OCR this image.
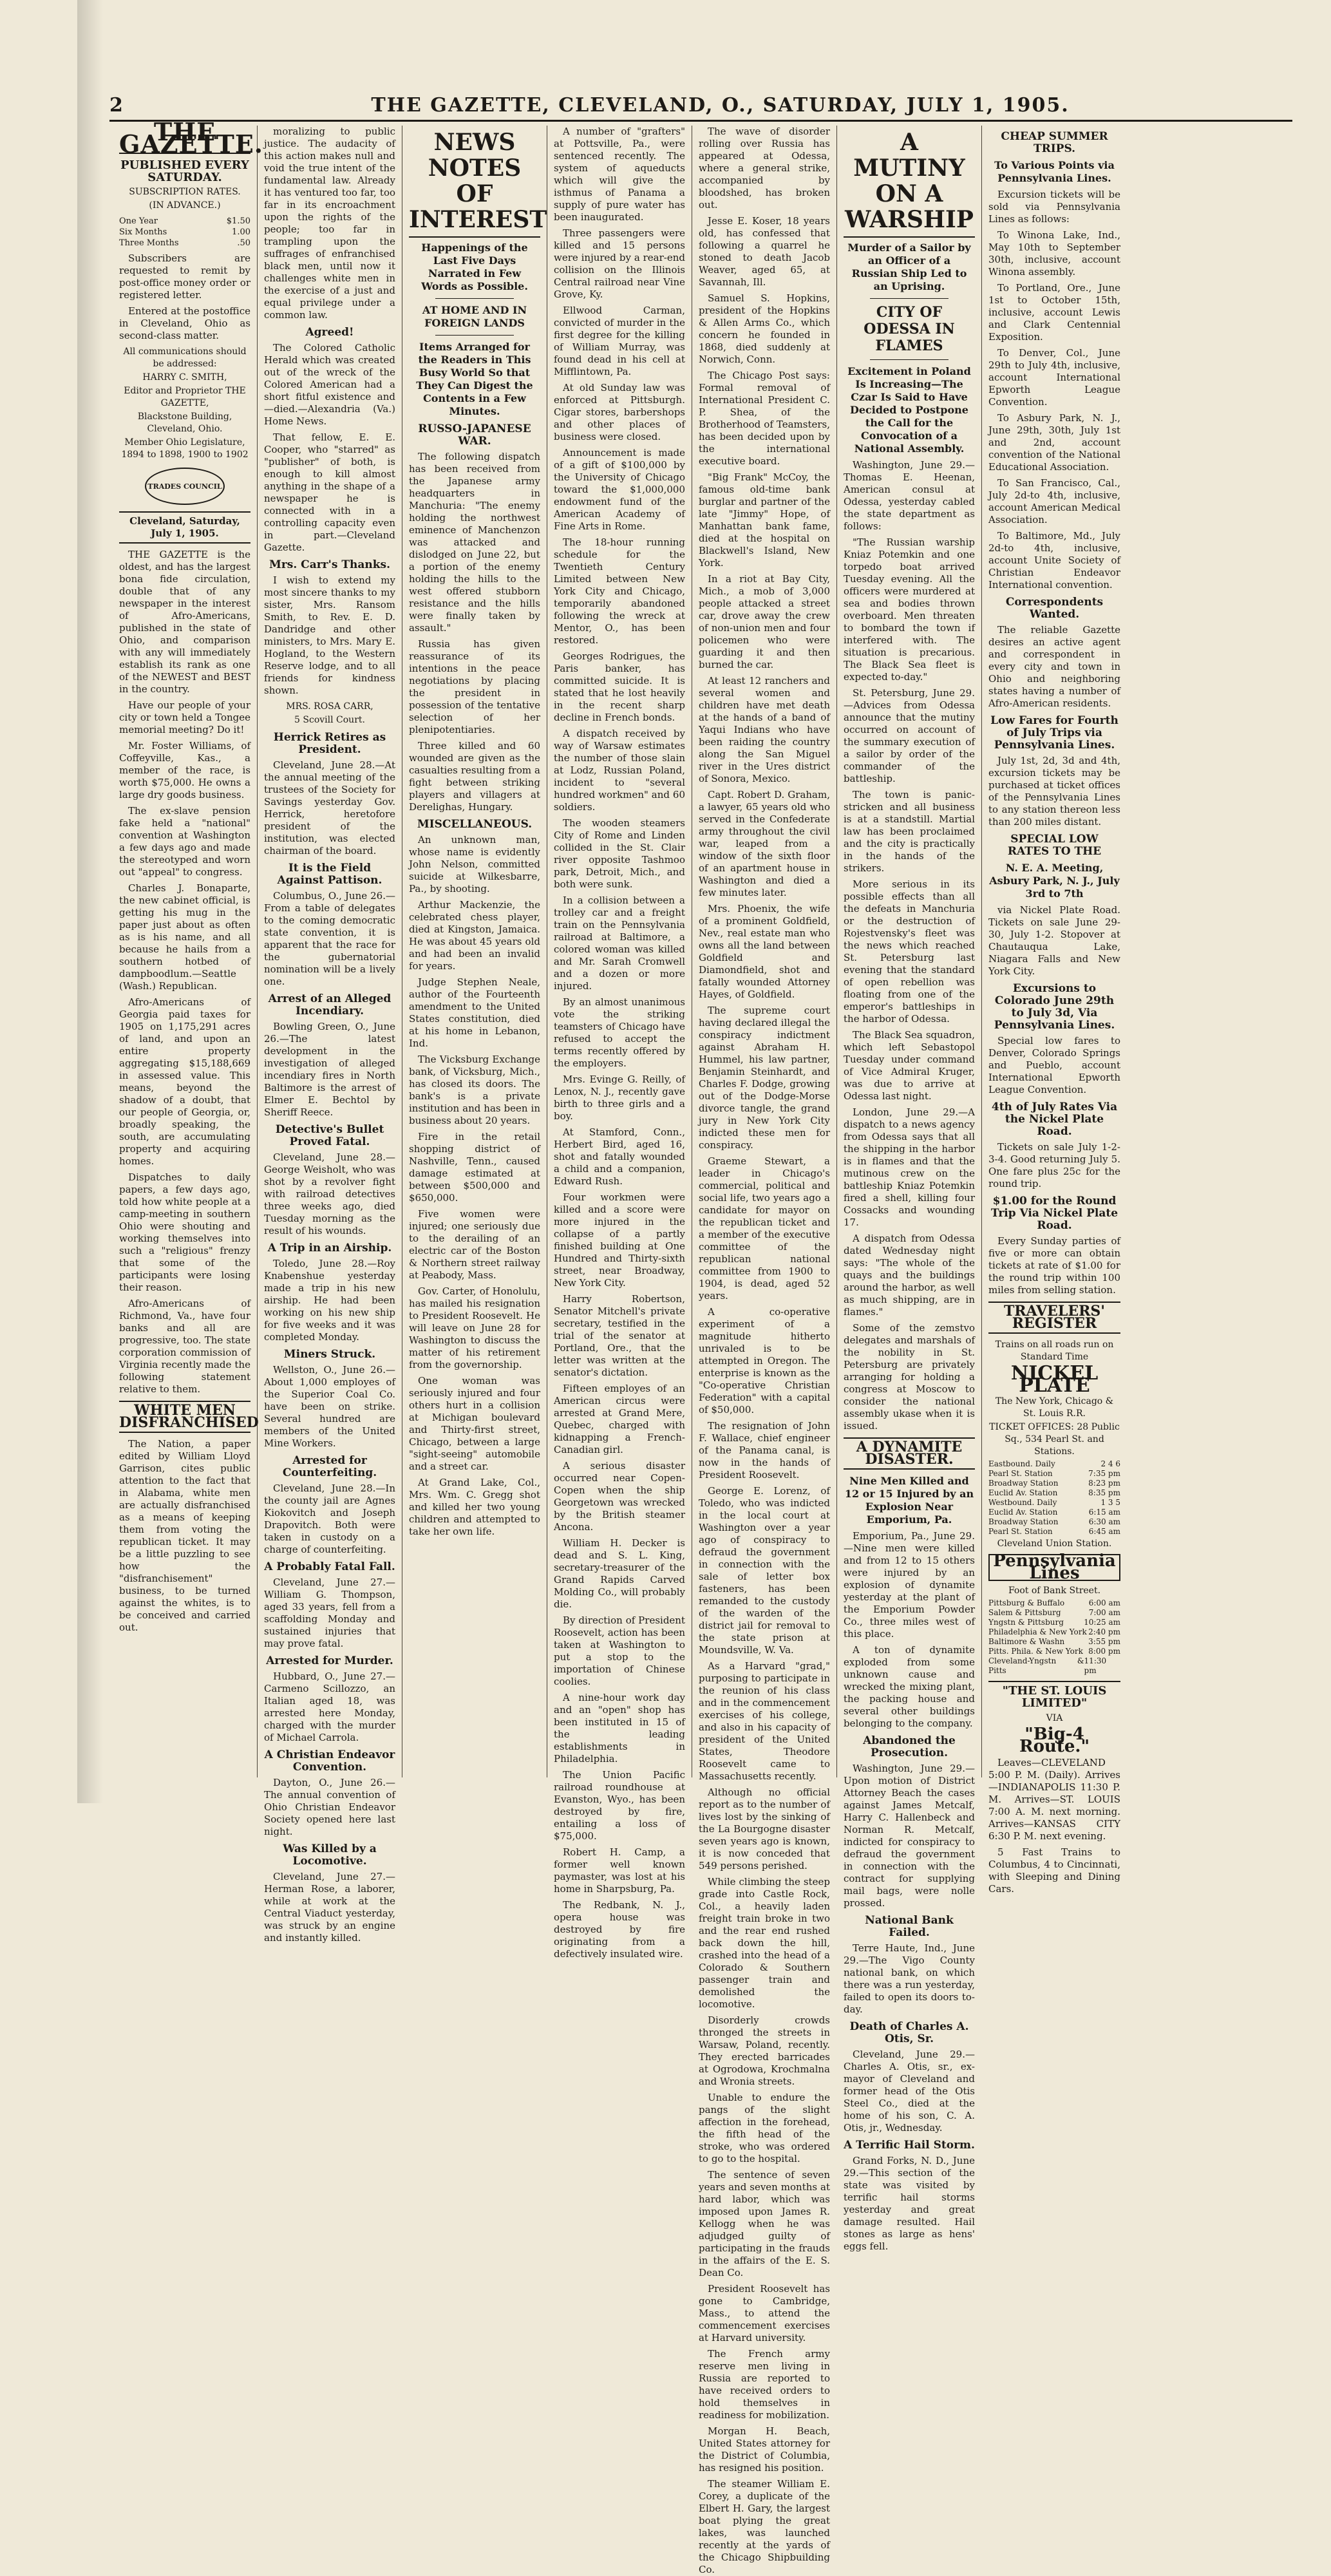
2	THE GAZETTE, CLEVELAND, O., SATURDAY, JULY 1, 1905.
THE GAZETTE.
PUBLISHED EVERY SATURDAY.
SUBSCRIPTION RATES.
(IN ADVANCE.)
One Year	$1.50
Six Months	1.00
Three Months	.50

Subscribers are requested to remit by post-office money order or registered letter.

Entered at the postoffice in Cleveland, Ohio as second-class matter.

All communications should be addressed:
HARRY C. SMITH,
Editor and Proprietor THE GAZETTE,
Blackstone Building, Cleveland, Ohio.
Member Ohio Legislature, 1894 to 1898, 1900 to 1902
TRADES COUNCIL
Cleveland, Saturday, July 1, 1905.

THE GAZETTE is the oldest, and has the largest bona fide circulation, double that of any newspaper in the interest of Afro-Americans, published in the state of Ohio, and comparison with any will immediately establish its rank as one of the NEWEST and BEST in the country.

Have our people of your city or town held a Tongee memorial meeting? Do it!

Mr. Foster Williams, of Coffeyville, Kas., a member of the race, is worth $75,000. He owns a large dry goods business.

The ex-slave pension fake held a "national" convention at Washington a few days ago and made the stereotyped and worn out "appeal" to congress.

Charles J. Bonaparte, the new cabinet official, is getting his mug in the paper just about as often as is his name, and all because he hails from a southern hotbed of dampboodlum.—Seattle (Wash.) Republican.

Afro-Americans of Georgia paid taxes for 1905 on 1,175,291 acres of land, and upon an entire property aggregating $15,188,669 in assessed value. This means, beyond the shadow of a doubt, that our people of Georgia, or, broadly speaking, the south, are accumulating property and acquiring homes.

Dispatches to daily papers, a few days ago, told how white people at a camp-meeting in southern Ohio were shouting and working themselves into such a "religious" frenzy that some of the participants were losing their reason.

Afro-Americans of Richmond, Va., have four banks and all are progressive, too. The state corporation commission of Virginia recently made the following statement relative to them.

WHITE MEN DISFRANCHISED

The Nation, a paper edited by William Lloyd Garrison, cites public attention to the fact that in Alabama, white men are actually disfranchised as a means of keeping them from voting the republican ticket. It may be a little puzzling to see how the "disfranchisement" business, to be turned against the whites, is to be conceived and carried out.

moralizing to public justice. The audacity of this action makes null and void the true intent of the fundamental law. Already it has ventured too far, too far in its encroachment upon the rights of the people; too far in trampling upon the suffrages of enfranchised black men, until now it challenges white men in the exercise of a just and equal privilege under a common law.

Agreed!

The Colored Catholic Herald which was created out of the wreck of the Colored American had a short fitful existence and—died.—Alexandria (Va.) Home News.

That fellow, E. E. Cooper, who "starred" as "publisher" of both, is enough to kill almost anything in the shape of a newspaper he is connected with in a controlling capacity even in part.—Cleveland Gazette.

Mrs. Carr's Thanks.

I wish to extend my most sincere thanks to my sister, Mrs. Ransom Smith, to Rev. E. D. Dandridge and other ministers, to Mrs. Mary E. Hogland, to the Western Reserve lodge, and to all friends for kindness shown.

MRS. ROSA CARR,
5 Scovill Court.
Herrick Retires as President.

Cleveland, June 28.—At the annual meeting of the trustees of the Society for Savings yesterday Gov. Herrick, heretofore president of the institution, was elected chairman of the board.

It is the Field Against Pattison.

Columbus, O., June 26.—From a table of delegates to the coming democratic state convention, it is apparent that the race for the gubernatorial nomination will be a lively one.

Arrest of an Alleged Incendiary.

Bowling Green, O., June 26.—The latest development in the investigation of alleged incendiary fires in North Baltimore is the arrest of Elmer E. Bechtol by Sheriff Reece.

Detective's Bullet Proved Fatal.

Cleveland, June 28.—George Weisholt, who was shot by a revolver fight with railroad detectives three weeks ago, died Tuesday morning as the result of his wounds.

A Trip in an Airship.

Toledo, June 28.—Roy Knabenshue yesterday made a trip in his new airship. He had been working on his new ship for five weeks and it was completed Monday.

Miners Struck.

Wellston, O., June 26.—About 1,000 employes of the Superior Coal Co. have been on strike. Several hundred are members of the United Mine Workers.

Arrested for Counterfeiting.

Cleveland, June 28.—In the county jail are Agnes Kiokovitch and Joseph Drapovitch. Both were taken in custody on a charge of counterfeiting.

A Probably Fatal Fall.

Cleveland, June 27.—William G. Thompson, aged 33 years, fell from a scaffolding Monday and sustained injuries that may prove fatal.

Arrested for Murder.

Hubbard, O., June 27.—Carmeno Scillozzo, an Italian aged 18, was arrested here Monday, charged with the murder of Michael Carrola.

A Christian Endeavor Convention.

Dayton, O., June 26.—The annual convention of Ohio Christian Endeavor Society opened here last night.

Was Killed by a Locomotive.

Cleveland, June 27.—Herman Rose, a laborer, while at work at the Central Viaduct yesterday, was struck by an engine and instantly killed.

NEWS NOTES OF INTEREST
Happenings of the Last Five Days Narrated in Few Words as Possible.
AT HOME AND IN FOREIGN LANDS
Items Arranged for the Readers in This Busy World So that They Can Digest the Contents in a Few Minutes.
RUSSO-JAPANESE WAR.

The following dispatch has been received from the Japanese army headquarters in Manchuria: "The enemy holding the northwest eminence of Manchenzon was attacked and dislodged on June 22, but a portion of the enemy holding the hills to the west offered stubborn resistance and the hills were finally taken by assault."

Russia has given reassurance of its intentions in the peace negotiations by placing the president in possession of the tentative selection of her plenipotentiaries.

Three killed and 60 wounded are given as the casualties resulting from a fight between striking players and villagers at Derelighas, Hungary.

MISCELLANEOUS.

An unknown man, whose name is evidently John Nelson, committed suicide at Wilkesbarre, Pa., by shooting.

Arthur Mackenzie, the celebrated chess player, died at Kingston, Jamaica. He was about 45 years old and had been an invalid for years.

Judge Stephen Neale, author of the Fourteenth amendment to the United States constitution, died at his home in Lebanon, Ind.

The Vicksburg Exchange bank, of Vicksburg, Mich., has closed its doors. The bank's is a private institution and has been in business about 20 years.

Fire in the retail shopping district of Nashville, Tenn., caused damage estimated at between $500,000 and $650,000.

Five women were injured; one seriously due to the derailing of an electric car of the Boston & Northern street railway at Peabody, Mass.

Gov. Carter, of Honolulu, has mailed his resignation to President Roosevelt. He will leave on June 28 for Washington to discuss the matter of his retirement from the governorship.

One woman was seriously injured and four others hurt in a collision at Michigan boulevard and Thirty-first street, Chicago, between a large "sight-seeing" automobile and a street car.

At Grand Lake, Col., Mrs. Wm. C. Gregg shot and killed her two young children and attempted to take her own life.

A number of "grafters" at Pottsville, Pa., were sentenced recently. The system of aqueducts which will give the isthmus of Panama a supply of pure water has been inaugurated.

Three passengers were killed and 15 persons were injured by a rear-end collision on the Illinois Central railroad near Vine Grove, Ky.

Ellwood Carman, convicted of murder in the first degree for the killing of William Murray, was found dead in his cell at Mifflintown, Pa.

At old Sunday law was enforced at Pittsburgh. Cigar stores, barbershops and other places of business were closed.

Announcement is made of a gift of $100,000 by the University of Chicago toward the $1,000,000 endowment fund of the American Academy of Fine Arts in Rome.

The 18-hour running schedule for the Twentieth Century Limited between New York City and Chicago, temporarily abandoned following the wreck at Mentor, O., has been restored.

Georges Rodrigues, the Paris banker, has committed suicide. It is stated that he lost heavily in the recent sharp decline in French bonds.

A dispatch received by way of Warsaw estimates the number of those slain at Lodz, Russian Poland, incident to "several hundred workmen" and 60 soldiers.

The wooden steamers City of Rome and Linden collided in the St. Clair river opposite Tashmoo park, Detroit, Mich., and both were sunk.

In a collision between a trolley car and a freight train on the Pennsylvania railroad at Baltimore, a colored woman was killed and Mr. Sarah Cromwell and a dozen or more injured.

By an almost unanimous vote the striking teamsters of Chicago have refused to accept the terms recently offered by the employers.

Mrs. Evinge G. Reilly, of Lenox, N. J., recently gave birth to three girls and a boy.

At Stamford, Conn., Herbert Bird, aged 16, shot and fatally wounded a child and a companion, Edward Rush.

Four workmen were killed and a score were more injured in the collapse of a partly finished building at One Hundred and Thirty-sixth street, near Broadway, New York City.

Harry Robertson, Senator Mitchell's private secretary, testified in the trial of the senator at Portland, Ore., that the letter was written at the senator's dictation.

Fifteen employes of an American circus were arrested at Grand Mere, Quebec, charged with kidnapping a French-Canadian girl.

A serious disaster occurred near Copen-Copen when the ship Georgetown was wrecked by the British steamer Ancona.

William H. Decker is dead and S. L. King, secretary-treasurer of the Grand Rapids Carved Molding Co., will probably die.

By direction of President Roosevelt, action has been taken at Washington to put a stop to the importation of Chinese coolies.

A nine-hour work day and an "open" shop has been instituted in 15 of the leading establishments in Philadelphia.

The Union Pacific railroad roundhouse at Evanston, Wyo., has been destroyed by fire, entailing a loss of $75,000.

Robert H. Camp, a former well known paymaster, was lost at his home in Sharpsburg, Pa.

The Redbank, N. J., opera house was destroyed by fire originating from a defectively insulated wire.

The wave of disorder rolling over Russia has appeared at Odessa, where a general strike, accompanied by bloodshed, has broken out.

Jesse E. Koser, 18 years old, has confessed that following a quarrel he stoned to death Jacob Weaver, aged 65, at Savannah, Ill.

Samuel S. Hopkins, president of the Hopkins & Allen Arms Co., which concern he founded in 1868, died suddenly at Norwich, Conn.

The Chicago Post says: Formal removal of International President C. P. Shea, of the Brotherhood of Teamsters, has been decided upon by the international executive board.

"Big Frank" McCoy, the famous old-time bank burglar and partner of the late "Jimmy" Hope, of Manhattan bank fame, died at the hospital on Blackwell's Island, New York.

In a riot at Bay City, Mich., a mob of 3,000 people attacked a street car, drove away the crew of non-union men and four policemen who were guarding it and then burned the car.

At least 12 ranchers and several women and children have met death at the hands of a band of Yaqui Indians who have been raiding the country along the San Miguel river in the Ures district of Sonora, Mexico.

Capt. Robert D. Graham, a lawyer, 65 years old who served in the Confederate army throughout the civil war, leaped from a window of the sixth floor of an apartment house in Washington and died a few minutes later.

Mrs. Phoenix, the wife of a prominent Goldfield, Nev., real estate man who owns all the land between Goldfield and Diamondfield, shot and fatally wounded Attorney Hayes, of Goldfield.

The supreme court having declared illegal the conspiracy indictment against Abraham H. Hummel, his law partner, Benjamin Steinhardt, and Charles F. Dodge, growing out of the Dodge-Morse divorce tangle, the grand jury in New York City indicted these men for conspiracy.

Graeme Stewart, a leader in Chicago's commercial, political and social life, two years ago a candidate for mayor on the republican ticket and a member of the executive committee of the republican national committee from 1900 to 1904, is dead, aged 52 years.

A co-operative experiment of a magnitude hitherto unrivaled is to be attempted in Oregon. The enterprise is known as the "Co-operative Christian Federation" with a capital of $50,000.

The resignation of John F. Wallace, chief engineer of the Panama canal, is now in the hands of President Roosevelt.

George E. Lorenz, of Toledo, who was indicted in the local court at Washington over a year ago of conspiracy to defraud the government in connection with the sale of letter box fasteners, has been remanded to the custody of the warden of the district jail for removal to the state prison at Moundsville, W. Va.

As a Harvard "grad," purposing to participate in the reunion of his class and in the commencement exercises of his college, and also in his capacity of president of the United States, Theodore Roosevelt came to Massachusetts recently.

Although no official report as to the number of lives lost by the sinking of the La Bourgogne disaster seven years ago is known, it is now conceded that 549 persons perished.

While climbing the steep grade into Castle Rock, Col., a heavily laden freight train broke in two and the rear end rushed back down the hill, crashed into the head of a Colorado & Southern passenger train and demolished the locomotive.

Disorderly crowds thronged the streets in Warsaw, Poland, recently. They erected barricades at Ogrodowa, Krochmalna and Wronia streets.

Unable to endure the pangs of the slight affection in the forehead, the fifth head of the stroke, who was ordered to go to the hospital.

The sentence of seven years and seven months at hard labor, which was imposed upon James R. Kellogg when he was adjudged guilty of participating in the frauds in the affairs of the E. S. Dean Co.

President Roosevelt has gone to Cambridge, Mass., to attend the commencement exercises at Harvard university.

The French army reserve men living in Russia are reported to have received orders to hold themselves in readiness for mobilization.

Morgan H. Beach, United States attorney for the District of Columbia, has resigned his position.

The steamer William E. Corey, a duplicate of the Elbert H. Gary, the largest boat plying the great lakes, was launched recently at the yards of the Chicago Shipbuilding Co.

A MUTINY ON A WARSHIP
Murder of a Sailor by an Officer of a Russian Ship Led to an Uprising.
CITY OF ODESSA IN FLAMES
Excitement in Poland Is Increasing—The Czar Is Said to Have Decided to Postpone the Call for the Convocation of a National Assembly.

Washington, June 29.—Thomas E. Heenan, American consul at Odessa, yesterday cabled the state department as follows:

"The Russian warship Kniaz Potemkin and one torpedo boat arrived Tuesday evening. All the officers were murdered at sea and bodies thrown overboard. Men threaten to bombard the town if interfered with. The situation is precarious. The Black Sea fleet is expected to-day."

St. Petersburg, June 29.—Advices from Odessa announce that the mutiny occurred on account of the summary execution of a sailor by order of the commander of the battleship.

The town is panic-stricken and all business is at a standstill. Martial law has been proclaimed and the city is practically in the hands of the strikers.

More serious in its possible effects than all the defeats in Manchuria or the destruction of Rojestvensky's fleet was the news which reached St. Petersburg last evening that the standard of open rebellion was floating from one of the emperor's battleships in the harbor of Odessa.

The Black Sea squadron, which left Sebastopol Tuesday under command of Vice Admiral Kruger, was due to arrive at Odessa last night.

London, June 29.—A dispatch to a news agency from Odessa says that all the shipping in the harbor is in flames and that the mutinous crew on the battleship Kniaz Potemkin fired a shell, killing four Cossacks and wounding 17.

A dispatch from Odessa dated Wednesday night says: "The whole of the quays and the buildings around the harbor, as well as much shipping, are in flames."

Some of the zemstvo delegates and marshals of the nobility in St. Petersburg are privately arranging for holding a congress at Moscow to consider the national assembly ukase when it is issued.

A DYNAMITE DISASTER.
Nine Men Killed and 12 or 15 Injured by an Explosion Near Emporium, Pa.

Emporium, Pa., June 29.—Nine men were killed and from 12 to 15 others were injured by an explosion of dynamite yesterday at the plant of the Emporium Powder Co., three miles west of this place.

A ton of dynamite exploded from some unknown cause and wrecked the mixing plant, the packing house and several other buildings belonging to the company.

Abandoned the Prosecution.

Washington, June 29.—Upon motion of District Attorney Beach the cases against James Metcalf, Harry C. Hallenbeck and Norman R. Metcalf, indicted for conspiracy to defraud the government in connection with the contract for supplying mail bags, were nolle prossed.

National Bank Failed.

Terre Haute, Ind., June 29.—The Vigo County national bank, on which there was a run yesterday, failed to open its doors to-day.

Death of Charles A. Otis, Sr.

Cleveland, June 29.—Charles A. Otis, sr., ex-mayor of Cleveland and former head of the Otis Steel Co., died at the home of his son, C. A. Otis, jr., Wednesday.

A Terrific Hail Storm.

Grand Forks, N. D., June 29.—This section of the state was visited by terrific hail storms yesterday and great damage resulted. Hail stones as large as hens' eggs fell.

CHEAP SUMMER TRIPS.
To Various Points via Pennsylvania Lines.

Excursion tickets will be sold via Pennsylvania Lines as follows:

To Winona Lake, Ind., May 10th to September 30th, inclusive, account Winona assembly.

To Portland, Ore., June 1st to October 15th, inclusive, account Lewis and Clark Centennial Exposition.

To Denver, Col., June 29th to July 4th, inclusive, account International Epworth League Convention.

To Asbury Park, N. J., June 29th, 30th, July 1st and 2nd, account convention of the National Educational Association.

To San Francisco, Cal., July 2d-to 4th, inclusive, account American Medical Association.

To Baltimore, Md., July 2d-to 4th, inclusive, account Unite Society of Christian Endeavor International convention.

Correspondents Wanted.

The reliable Gazette desires an active agent and correspondent in every city and town in Ohio and neighboring states having a number of Afro-American residents.

Low Fares for Fourth of July Trips via Pennsylvania Lines.

July 1st, 2d, 3d and 4th, excursion tickets may be purchased at ticket offices of the Pennsylvania Lines to any station thereon less than 200 miles distant.

SPECIAL LOW RATES TO THE
N. E. A. Meeting, Asbury Park, N. J., July 3rd to 7th

via Nickel Plate Road. Tickets on sale June 29-30, July 1-2. Stopover at Chautauqua Lake, Niagara Falls and New York City.

Excursions to Colorado June 29th to July 3d, Via Pennsylvania Lines.

Special low fares to Denver, Colorado Springs and Pueblo, account International Epworth League Convention.

4th of July Rates Via the Nickel Plate Road.

Tickets on sale July 1-2-3-4. Good returning July 5. One fare plus 25c for the round trip.

$1.00 for the Round Trip Via Nickel Plate Road.

Every Sunday parties of five or more can obtain tickets at rate of $1.00 for the round trip within 100 miles from selling station.

TRAVELERS' REGISTER
Trains on all roads run on Standard Time
NICKEL PLATE
The New York, Chicago & St. Louis R.R.
TICKET OFFICES: 28 Public Sq., 534 Pearl St. and Stations.
Eastbound. Daily	2 4 6
Pearl St. Station	7:35 pm
Broadway Station	8:23 pm
Euclid Av. Station	8:35 pm
Westbound. Daily	1 3 5
Euclid Av. Station	6:15 am
Broadway Station	6:30 am
Pearl St. Station	6:45 am
Cleveland Union Station.
Pennsylvania Lines
Foot of Bank Street.
Pittsburg & Buffalo	6:00 am
Salem & Pittsburg	7:00 am
Yngstn & Pittsburg	10:25 am
Philadelphia & New York 2:40 pm
Baltimore & Washn	3:55 pm
Pitts. Phila. & New York 8:00 pm
Cleveland-Yngstn & Pitts
11:30 pm
"THE ST. LOUIS LIMITED"
VIA
"Big-4 Route."

Leaves—CLEVELAND 5:00 P. M. (Daily). Arrives—INDIANAPOLIS 11:30 P. M. Arrives—ST. LOUIS 7:00 A. M. next morning. Arrives—KANSAS CITY 6:30 P. M. next evening.

5 Fast Trains to Columbus, 4 to Cincinnati, with Sleeping and Dining Cars.
